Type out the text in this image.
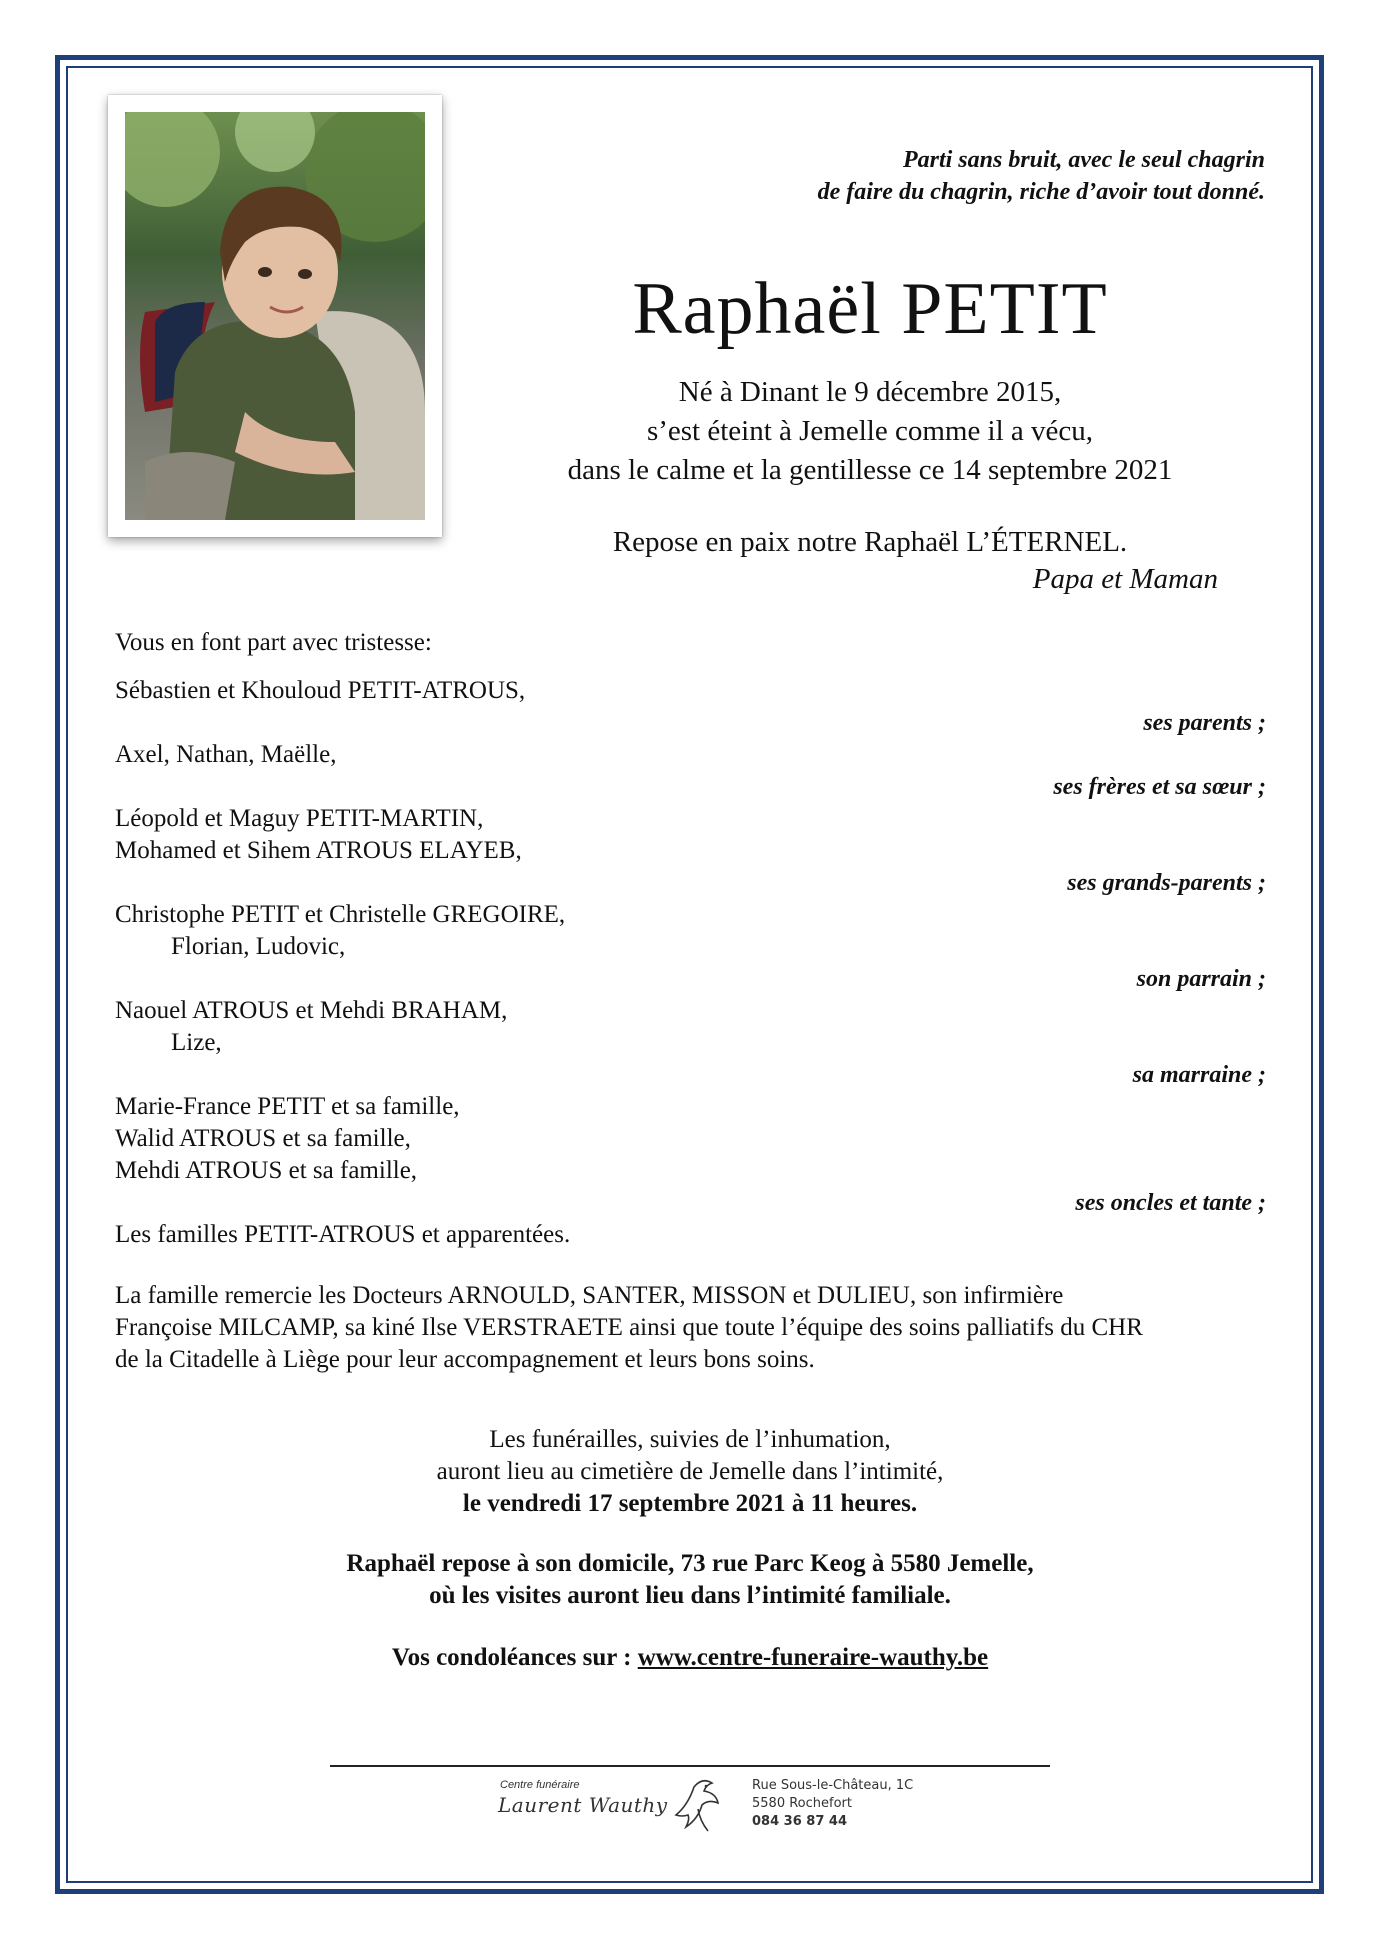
Parti sans bruit, avec le seul chagrin
de faire du chagrin, riche d’avoir tout donné.
Raphaël PETIT
Né à Dinant le 9 décembre 2015,
s’est éteint à Jemelle comme il a vécu,
dans le calme et la gentillesse ce 14 septembre 2021
Repose en paix notre Raphaël L’ÉTERNEL.
Papa et Maman
Vous en font part avec tristesse:
Sébastien et Khouloud PETIT-ATROUS,
ses parents ;
Axel, Nathan, Maëlle,
ses frères et sa sœur ;
Léopold et Maguy PETIT-MARTIN,
Mohamed et Sihem ATROUS ELAYEB,
ses grands-parents ;
Christophe PETIT et Christelle GREGOIRE,
Florian, Ludovic,
son parrain ;
Naouel ATROUS et Mehdi BRAHAM,
Lize,
sa marraine ;
Marie-France PETIT et sa famille,
Walid ATROUS et sa famille,
Mehdi ATROUS et sa famille,
ses oncles et tante ;
Les familles PETIT-ATROUS et apparentées.
La famille remercie les Docteurs ARNOULD, SANTER, MISSON et DULIEU, son infirmière
Françoise MILCAMP, sa kiné Ilse VERSTRAETE ainsi que toute l’équipe des soins palliatifs du CHR
de la Citadelle à Liège pour leur accompagnement et leurs bons soins.
Les funérailles, suivies de l’inhumation,
auront lieu au cimetière de Jemelle dans l’intimité,
le vendredi 17 septembre 2021 à 11 heures.
Raphaël repose à son domicile, 73 rue Parc Keog à 5580 Jemelle,
où les visites auront lieu dans l’intimité familiale.
Vos condoléances sur : www.centre-funeraire-wauthy.be
Centre funéraire
Laurent Wauthy
Rue Sous-le-Château, 1C
5580 Rochefort
084 36 87 44
